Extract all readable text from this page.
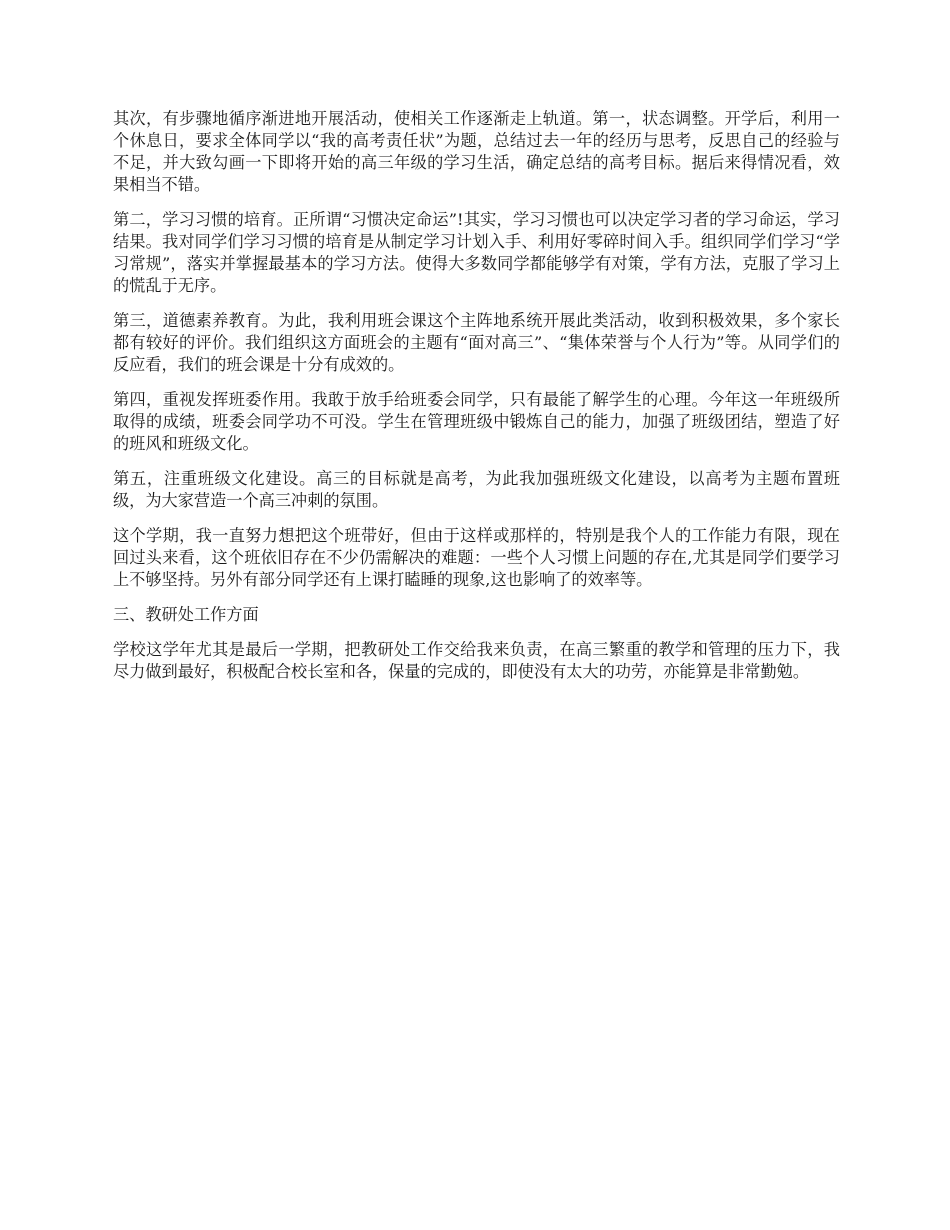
其次，有步骤地循序渐进地开展活动，使相关工作逐渐走上轨道。第一，状态调整。开学后，利用一个休息日，要求全体同学以“我的高考责任状”为题，总结过去一年的经历与思考，反思自己的经验与不足，并大致勾画一下即将开始的高三年级的学习生活，确定总结的高考目标。据后来得情况看，效果相当不错。

第二，学习习惯的培育。正所谓“习惯决定命运”!其实，学习习惯也可以决定学习者的学习命运，学习结果。我对同学们学习习惯的培育是从制定学习计划入手、利用好零碎时间入手。组织同学们学习“学习常规”，落实并掌握最基本的学习方法。使得大多数同学都能够学有对策，学有方法，克服了学习上的慌乱于无序。

第三，道德素养教育。为此，我利用班会课这个主阵地系统开展此类活动，收到积极效果，多个家长都有较好的评价。我们组织这方面班会的主题有“面对高三”、“集体荣誉与个人行为”等。从同学们的反应看，我们的班会课是十分有成效的。

第四，重视发挥班委作用。我敢于放手给班委会同学，只有最能了解学生的心理。今年这一年班级所取得的成绩，班委会同学功不可没。学生在管理班级中锻炼自己的能力，加强了班级团结，塑造了好的班风和班级文化。

第五，注重班级文化建设。高三的目标就是高考，为此我加强班级文化建设，以高考为主题布置班级，为大家营造一个高三冲刺的氛围。

这个学期，我一直努力想把这个班带好，但由于这样或那样的，特别是我个人的工作能力有限，现在回过头来看，这个班依旧存在不少仍需解决的难题：一些个人习惯上问题的存在,尤其是同学们要学习上不够坚持。另外有部分同学还有上课打瞌睡的现象,这也影响了的效率等。

三、教研处工作方面

学校这学年尤其是最后一学期，把教研处工作交给我来负责，在高三繁重的教学和管理的压力下，我尽力做到最好，积极配合校长室和各，保量的完成的，即使没有太大的功劳，亦能算是非常勤勉。
